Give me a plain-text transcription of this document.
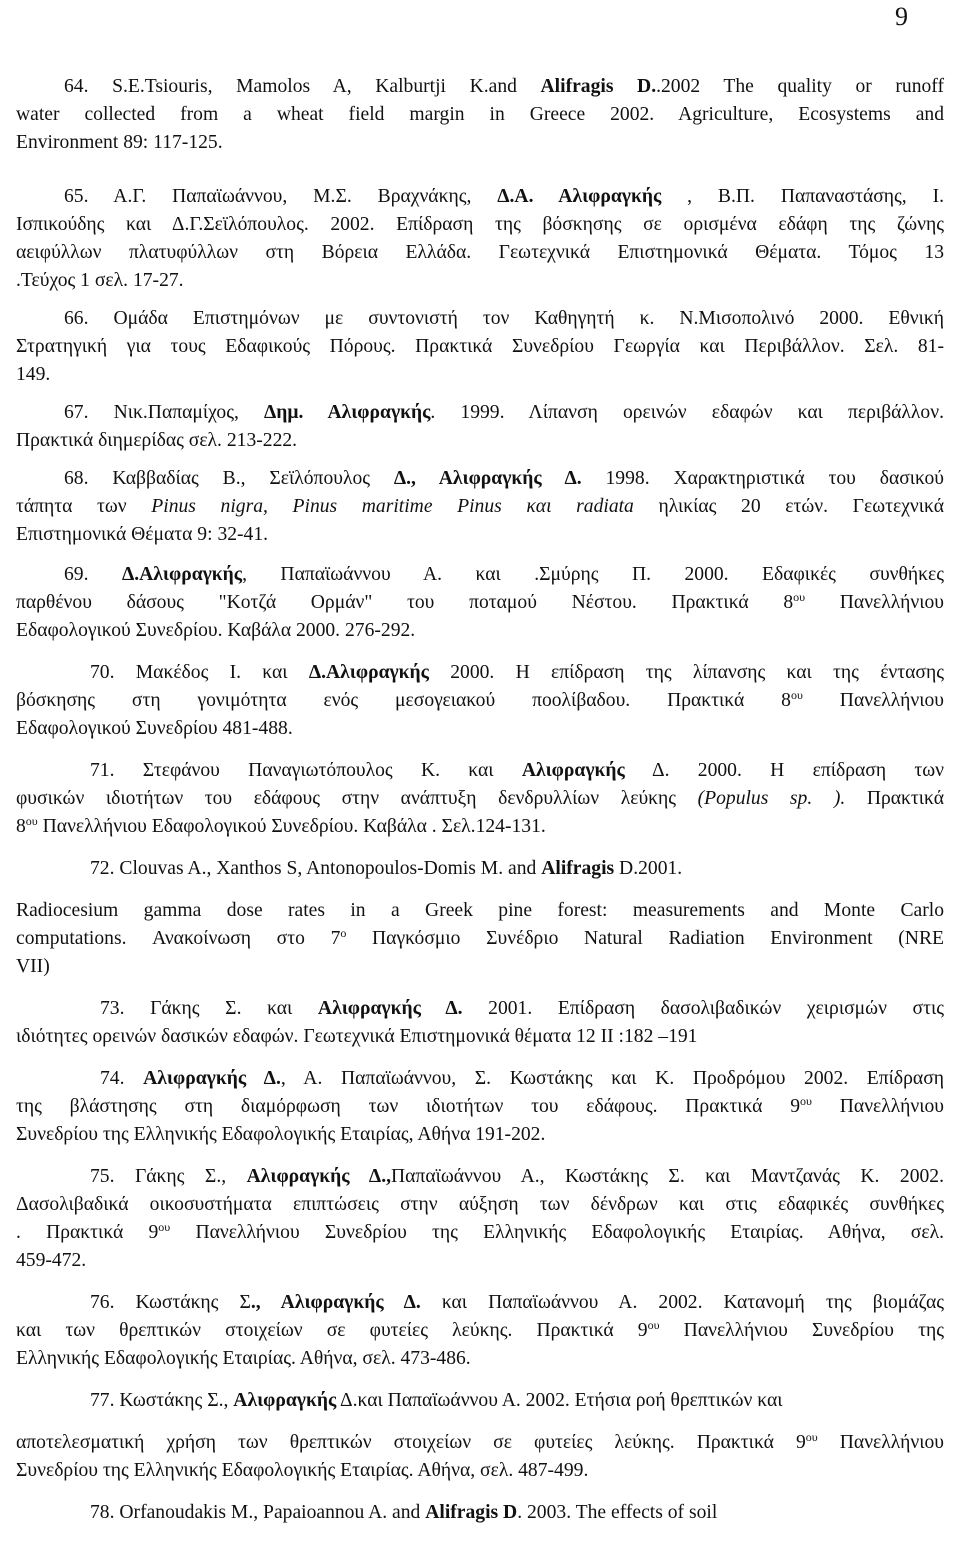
9
64. S.E.Tsiouris, Mamolos A, Kalburtji K.and Alifragis D..2002 The quality or runoff
water collected from a wheat field margin in Greece 2002. Agriculture, Ecosystems and
Environment 89: 117-125.
65. Α.Γ. Παπαϊωάννου, Μ.Σ. Βραχνάκης, Δ.Α. Αλιφραγκής , Β.Π. Παπαναστάσης, Ι.
Ισπικούδης και Δ.Γ.Σεϊλόπουλος. 2002. Επίδραση της βόσκησης σε ορισμένα εδάφη της ζώνης
αειφύλλων πλατυφύλλων στη Βόρεια Ελλάδα. Γεωτεχνικά Επιστημονικά Θέματα. Τόμος 13
.Τεύχος 1 σελ. 17-27.
66. Ομάδα Επιστημόνων με συντονιστή τον Καθηγητή κ. Ν.Μισοπολινό 2000. Εθνική
Στρατηγική για τους Εδαφικούς Πόρους. Πρακτικά Συνεδρίου Γεωργία και Περιβάλλον. Σελ. 81-
149.
67. Νικ.Παπαμίχος, Δημ. Αλιφραγκής. 1999. Λίπανση ορεινών εδαφών και περιβάλλον.
Πρακτικά διημερίδας σελ. 213-222.
68. Καββαδίας Β., Σεϊλόπουλος Δ., Αλιφραγκής Δ. 1998. Χαρακτηριστικά του δασικού
τάπητα των Pinus nigra, Pinus maritime Pinus και radiata ηλικίας 20 ετών. Γεωτεχνικά
Επιστημονικά Θέματα 9: 32-41.
69. Δ.Αλιφραγκής, Παπαϊωάννου Α. και .Σμύρης Π. 2000. Εδαφικές συνθήκες
παρθένου δάσους "Κοτζά Ορμάν" του ποταμού Νέστου. Πρακτικά $8^{o\upsilon}$ Πανελλήνιου
Εδαφολογικού Συνεδρίου. Καβάλα 2000. 276-292.
70. Μακέδος Ι. και Δ.Αλιφραγκής 2000. Η επίδραση της λίπανσης και της έντασης
βόσκησης στη γονιμότητα ενός μεσογειακού ποολίβαδου. Πρακτικά $8^{o\upsilon}$ Πανελλήνιου
Εδαφολογικού Συνεδρίου 481-488.
71. Στεφάνου Παναγιωτόπουλος Κ. και Αλιφραγκής Δ. 2000. Η επίδραση των
φυσικών ιδιοτήτων του εδάφους στην ανάπτυξη δενδρυλλίων λεύκης (Populus sp. ). Πρακτικά
$8^{o\upsilon}$ Πανελλήνιου Εδαφολογικού Συνεδρίου. Καβάλα . Σελ.124-131.
72. Clouvas A., Xanthos S, Antonopoulos-Domis M. and Alifragis D.2001.
Radiocesium gamma dose rates in a Greek pine forest: measurements and Monte Carlo
computations. Ανακοίνωση στο $7^o$ Παγκόσμιο Συνέδριο Natural Radiation Environment (NRE
VII)
73. Γάκης Σ. και Αλιφραγκής Δ. 2001. Επίδραση δασολιβαδικών χειρισμών στις
ιδιότητες ορεινών δασικών εδαφών. Γεωτεχνικά Επιστημονικά θέματα 12 ΙΙ :182 –191
74. Αλιφραγκής Δ., Α. Παπαϊωάννου, Σ. Κωστάκης και Κ. Προδρόμου 2002. Επίδραση
της βλάστησης στη διαμόρφωση των ιδιοτήτων του εδάφους. Πρακτικά $9^{o\upsilon}$ Πανελλήνιου
Συνεδρίου της Ελληνικής Εδαφολογικής Εταιρίας, Αθήνα 191-202.
75. Γάκης Σ., Αλιφραγκής Δ.,Παπαϊωάννου Α., Κωστάκης Σ. και Μαντζανάς Κ. 2002.
Δασολιβαδικά οικοσυστήματα επιπτώσεις στην αύξηση των δένδρων και στις εδαφικές συνθήκες
. Πρακτικά $9^{o\upsilon}$ Πανελλήνιου Συνεδρίου της Ελληνικής Εδαφολογικής Εταιρίας. Αθήνα, σελ.
459-472.
76. Κωστάκης Σ., Αλιφραγκής Δ. και Παπαϊωάννου Α. 2002. Κατανομή της βιομάζας
και των θρεπτικών στοιχείων σε φυτείες λεύκης. Πρακτικά $9^{o\upsilon}$ Πανελλήνιου Συνεδρίου της
Ελληνικής Εδαφολογικής Εταιρίας. Αθήνα, σελ. 473-486.
77. Κωστάκης Σ., Αλιφραγκής Δ.και Παπαϊωάννου Α. 2002. Ετήσια ροή θρεπτικών και
αποτελεσματική χρήση των θρεπτικών στοιχείων σε φυτείες λεύκης. Πρακτικά $9^{o\upsilon}$ Πανελλήνιου
Συνεδρίου της Ελληνικής Εδαφολογικής Εταιρίας. Αθήνα, σελ. 487-499.
78. Orfanoudakis M., Papaioannou A. and Alifragis D. 2003. The effects of soil
